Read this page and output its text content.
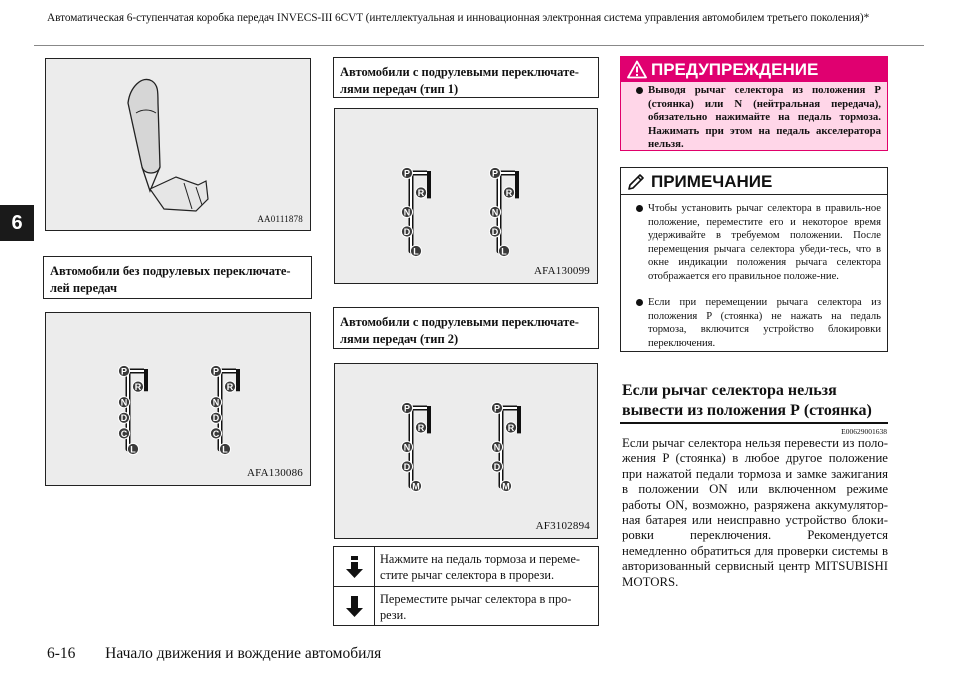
Автоматическая 6-ступенчатая коробка передач INVECS-III 6CVT (интеллектуальная и инновационная электронная система управления автомобилем третьего поколения)*
6	AA0111878
Автомобили без подрулевых переключате-лей передач
P
R
N
D
C
L
P
R
N
D
C
L
AFA130086
Автомобили с подрулевыми переключате-лями передач (тип 1)
P
R
N
D
L
P
R
N
D
L
AFA130099
Автомобили с подрулевыми переключате-лями передач (тип 2)
P
R
N
D
M
P
R
N
D
M
AF3102894
Нажмите на педаль тормоза и переме-стите рычаг селектора в прорези.
Переместите рычаг селектора в про-рези.
ПРЕДУПРЕЖДЕНИЕ
Выводя рычаг селектора из положения Р (стоянка) или N (нейтральная передача), обязательно нажимайте на педаль тормоза. Нажимать при этом на педаль акселератора нельзя.
ПРИМЕЧАНИЕ
Чтобы установить рычаг селектора в правиль-ное положение, переместите его и некоторое время удерживайте в требуемом положении. После перемещения рычага селектора убеди-тесь, что в окне индикации положения рычага селектора отображается его правильное положе-ние.
Если при перемещении рычага селектора из положения P (стоянка) не нажать на педаль тормоза, включится устройство блокировки переключения.
Если рычаг селектора нельзя вывести из положения Р (стоянка)
E00629001638
Если рычаг селектора нельзя перевести из поло-жения P (стоянка) в любое другое положение при нажатой педали тормоза и замке зажигания в положении ON или включенном режиме работы ON, возможно, разряжена аккумулятор-ная батарея или неисправно устройство блоки-ровки переключения. Рекомендуется немедленно обратиться для проверки системы в авторизованный сервисный центр MITSUBISHI MOTORS.
6-16 Начало движения и вождение автомобиля
